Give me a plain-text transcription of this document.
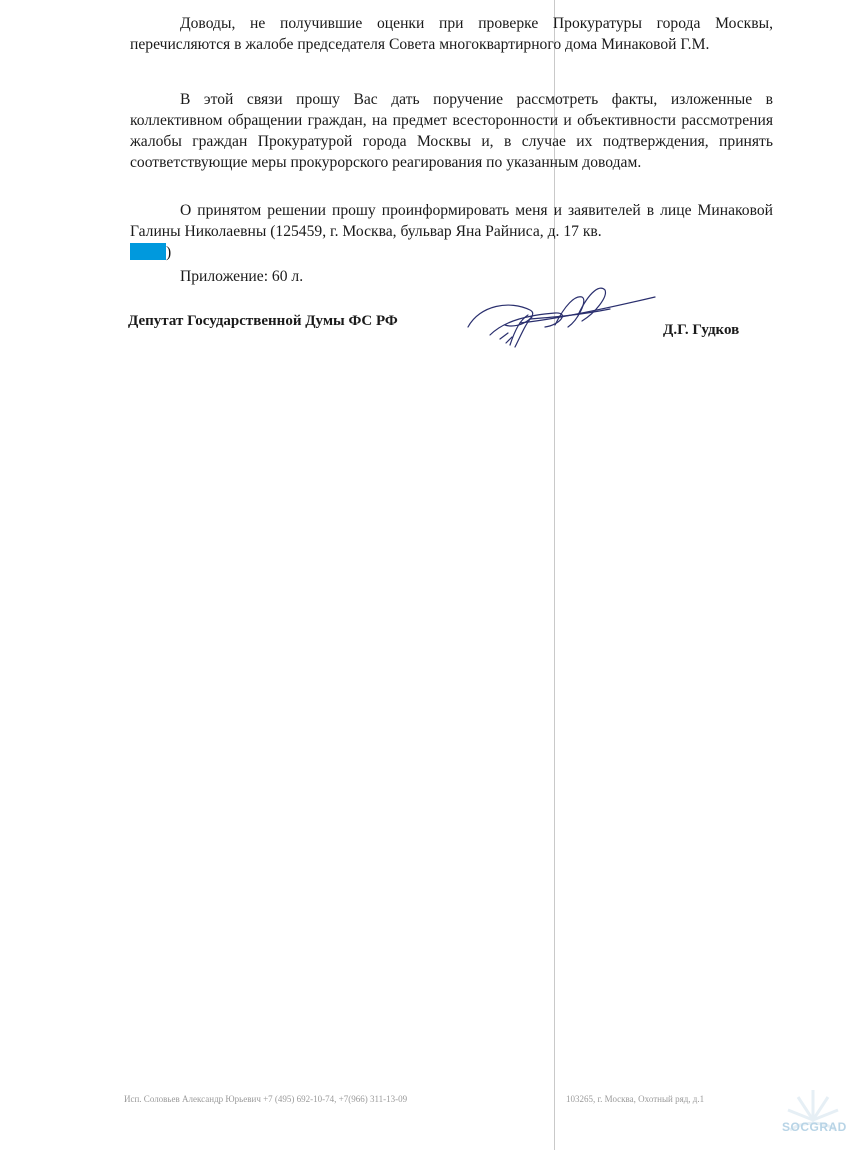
Доводы, не получившие оценки при проверке Прокуратуры города Москвы, перечисляются в жалобе председателя Совета многоквартирного дома Минаковой Г.М.

В этой связи прошу Вас дать поручение рассмотреть факты, изложенные в коллективном обращении граждан, на предмет всесторонности и объективности рассмотрения жалобы граждан Прокуратурой города Москвы и, в случае их подтверждения, принять соответствующие меры прокурорского реагирования по указанным доводам.

О принятом решении прошу проинформировать меня и заявителей в лице Минаковой Галины Николаевны (125459, г. Москва, бульвар Яна Райниса, д. 17 кв.
)

Приложение: 60 л.
Депутат Государственной Думы ФС РФ
Д.Г. Гудков
Исп. Соловьев Александр Юрьевич +7 (495) 692-10-74, +7(966) 311-13-09	103265, г. Москва, Охотный ряд, д.1
SOCGRAD
